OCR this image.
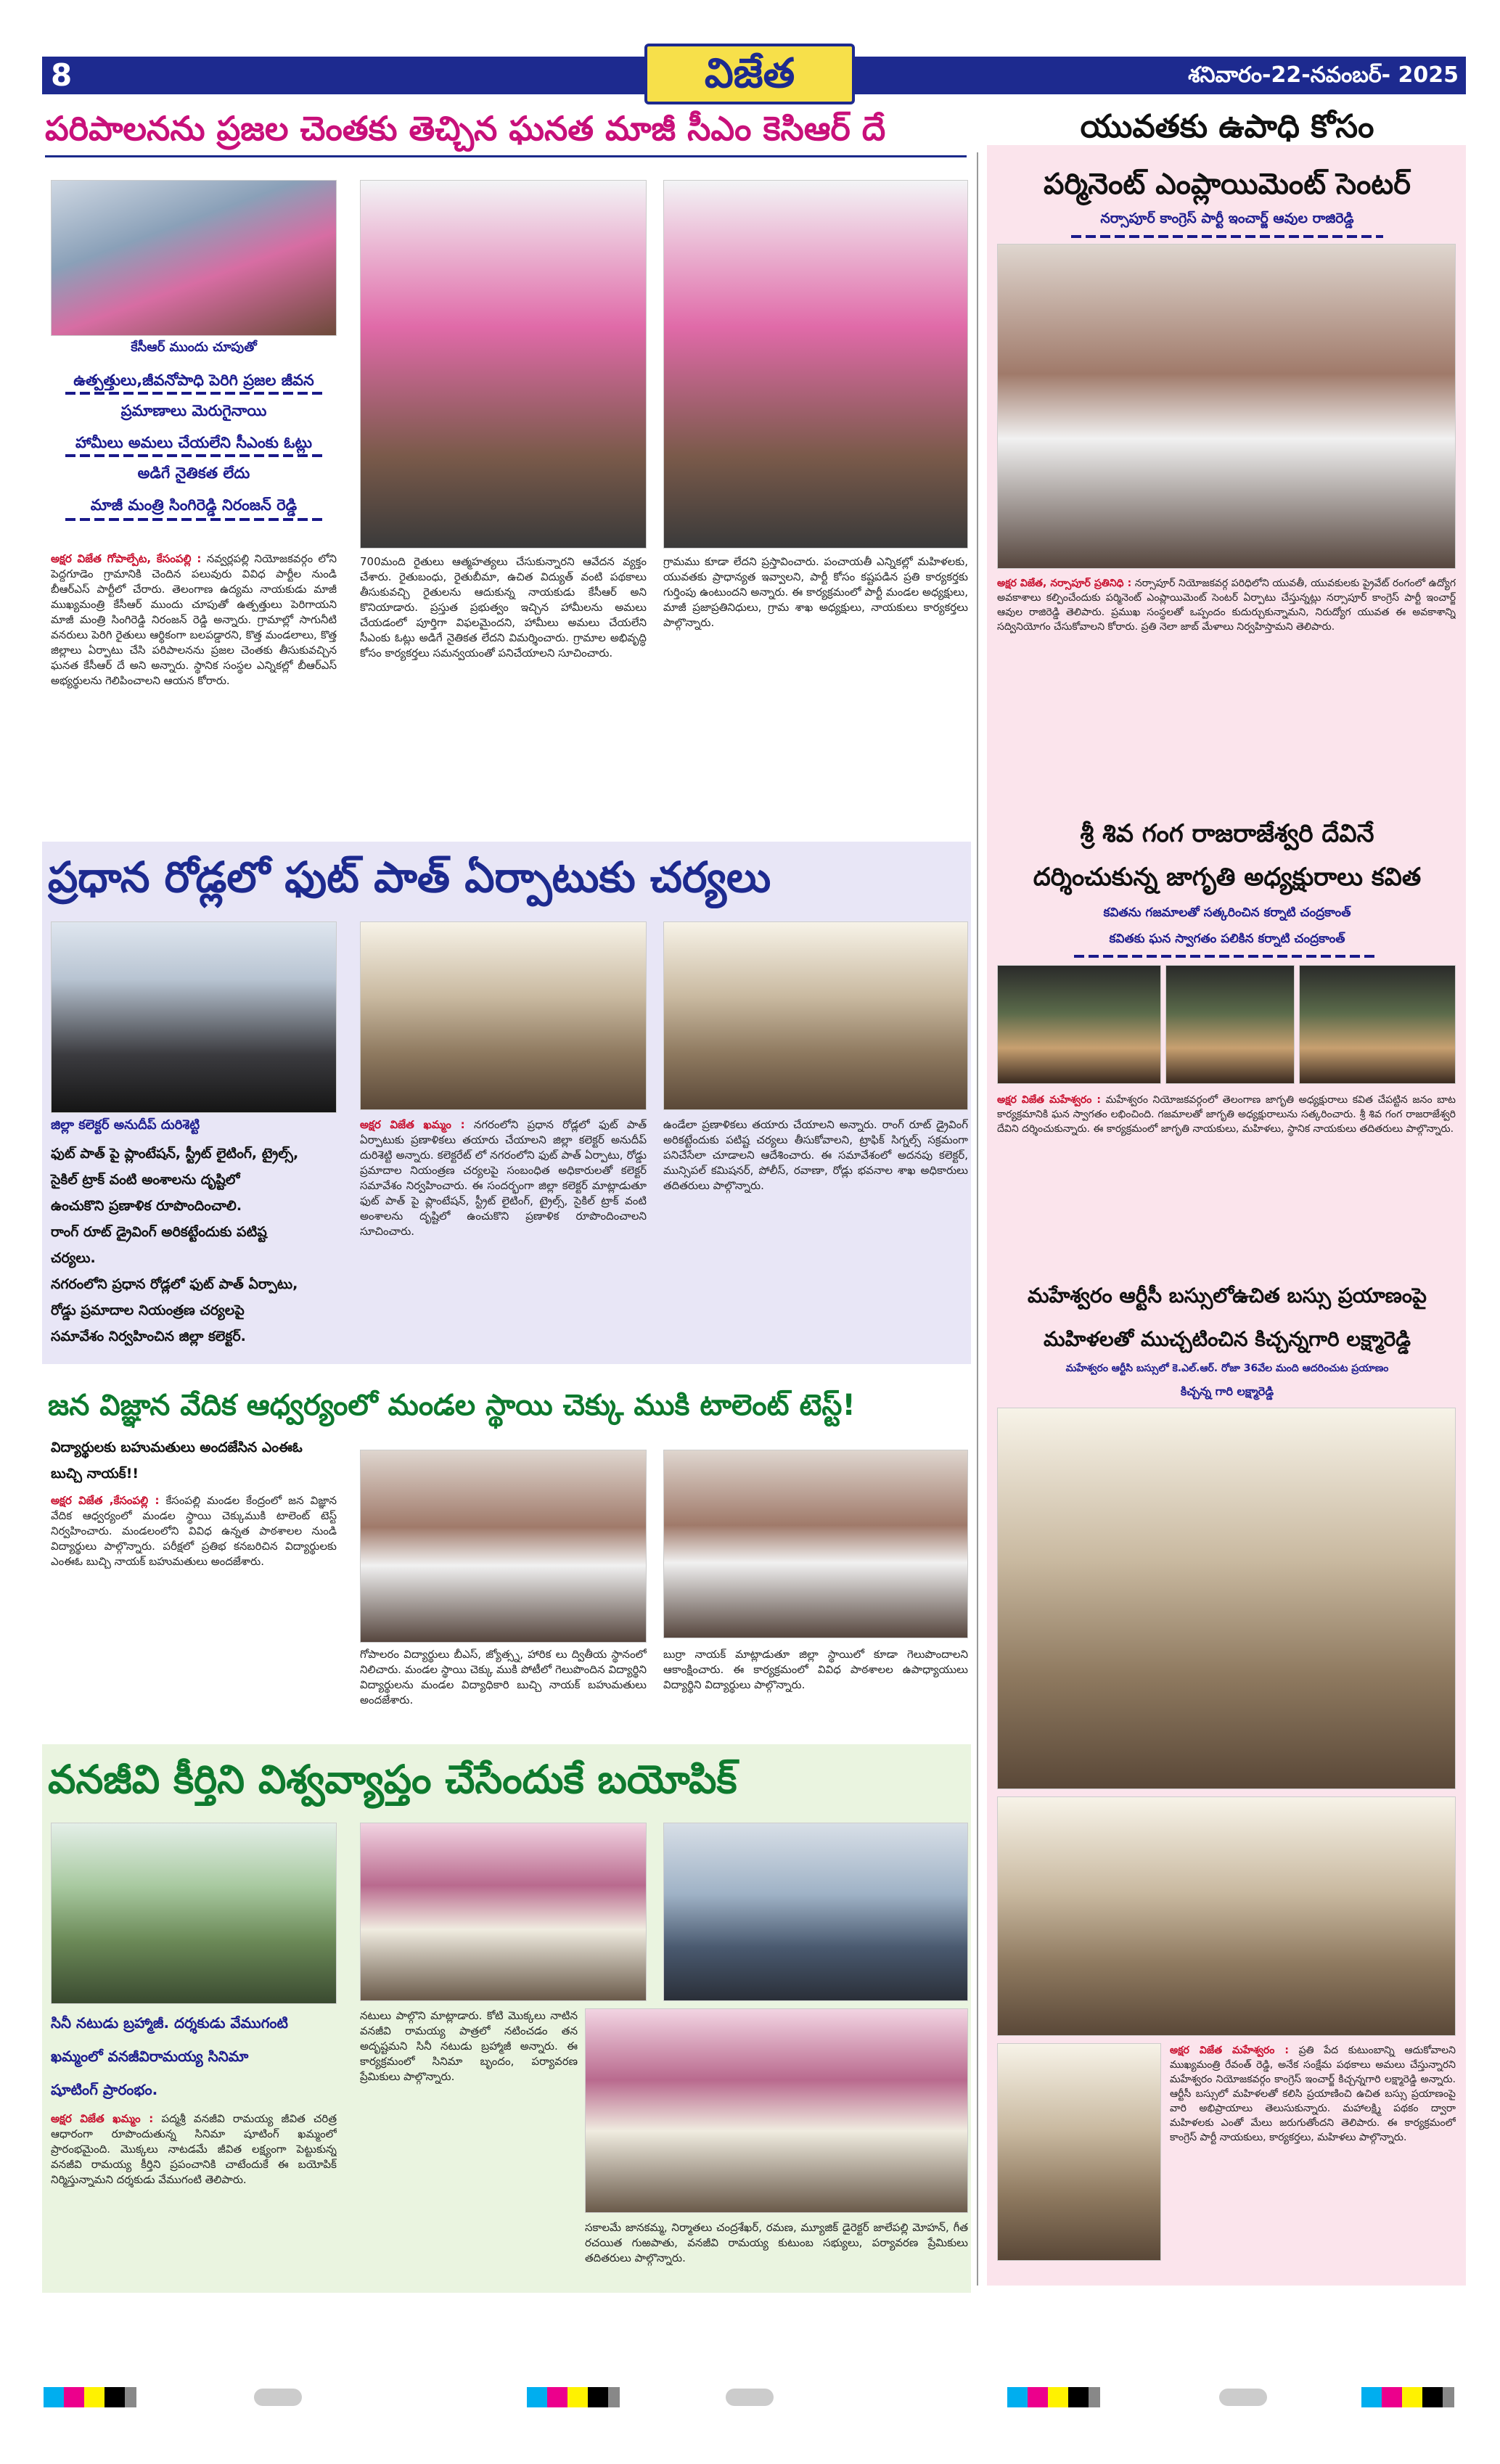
8	విజేత	శనివారం-22-నవంబర్- 2025
పరిపాలనను ప్రజల చెంతకు తెచ్చిన ఘనత మాజీ సీఎం కెసిఆర్ దే
కేసీఆర్ ముందు చూపుతో
ఉత్పత్తులు,జీవనోపాధి పెరిగి ప్రజల జీవన
ప్రమాణాలు మెరుగైనాయి
హామీలు అమలు చేయలేని సీఎంకు ఓట్లు
అడిగే నైతికత లేదు
మాజీ మంత్రి సింగిరెడ్డి నిరంజన్ రెడ్డి
అక్షర విజేత గోపాల్పేట, కేసంపల్లి : నవ్వర్లపల్లి నియోజకవర్గం లోని పెద్దగూడెం గ్రామానికి చెందిన పలువురు వివిధ పార్టీల నుండి బీఆర్ఎస్ పార్టీలో చేరారు. తెలంగాణ ఉద్యమ నాయకుడు మాజీ ముఖ్యమంత్రి కేసీఆర్ ముందు చూపుతో ఉత్పత్తులు పెరిగాయని మాజీ మంత్రి సింగిరెడ్డి నిరంజన్ రెడ్డి అన్నారు. గ్రామాల్లో సాగునీటి వనరులు పెరిగి రైతులు ఆర్థికంగా బలపడ్డారని, కొత్త మండలాలు, కొత్త జిల్లాలు ఏర్పాటు చేసి పరిపాలనను ప్రజల చెంతకు తీసుకువచ్చిన ఘనత కేసీఆర్ దే అని అన్నారు. స్థానిక సంస్థల ఎన్నికల్లో బీఆర్ఎస్ అభ్యర్థులను గెలిపించాలని ఆయన కోరారు.
700మంది రైతులు ఆత్మహత్యలు చేసుకున్నారని ఆవేదన వ్యక్తం చేశారు. రైతుబంధు, రైతుబీమా, ఉచిత విద్యుత్ వంటి పథకాలు తీసుకువచ్చి రైతులను ఆదుకున్న నాయకుడు కేసీఆర్ అని కొనియాడారు. ప్రస్తుత ప్రభుత్వం ఇచ్చిన హామీలను అమలు చేయడంలో పూర్తిగా విఫలమైందని, హామీలు అమలు చేయలేని సీఎంకు ఓట్లు అడిగే నైతికత లేదని విమర్శించారు. గ్రామాల అభివృద్ధి కోసం కార్యకర్తలు సమన్వయంతో పనిచేయాలని సూచించారు.
గ్రామము కూడా లేదని ప్రస్తావించారు. పంచాయతీ ఎన్నికల్లో మహిళలకు, యువతకు ప్రాధాన్యత ఇవ్వాలని, పార్టీ కోసం కష్టపడిన ప్రతి కార్యకర్తకు గుర్తింపు ఉంటుందని అన్నారు. ఈ కార్యక్రమంలో పార్టీ మండల అధ్యక్షులు, మాజీ ప్రజాప్రతినిధులు, గ్రామ శాఖ అధ్యక్షులు, నాయకులు కార్యకర్తలు పాల్గొన్నారు.
ప్రధాన రోడ్లలో ఫుట్ పాత్ ఏర్పాటుకు చర్యలు
జిల్లా కలెక్టర్ అనుదీప్ దురిశెట్టి
ఫుట్ పాత్ పై ప్లాంటేషన్, స్ట్రీట్ లైటింగ్, ట్రైల్స్,
సైకిల్ ట్రాక్ వంటి అంశాలను దృష్టిలో
ఉంచుకొని ప్రణాళిక రూపొందించాలి.
రాంగ్ రూట్ డ్రైవింగ్ అరికట్టేందుకు పటిష్ట
చర్యలు.
నగరంలోని ప్రధాన రోడ్లలో ఫుట్ పాత్ ఏర్పాటు,
రోడ్డు ప్రమాదాల నియంత్రణ చర్యలపై
సమావేశం నిర్వహించిన జిల్లా కలెక్టర్.
అక్షర విజేత ఖమ్మం : నగరంలోని ప్రధాన రోడ్లలో ఫుట్ పాత్ ఏర్పాటుకు ప్రణాళికలు తయారు చేయాలని జిల్లా కలెక్టర్ అనుదీప్ దురిశెట్టి అన్నారు. కలెక్టరేట్ లో నగరంలోని ఫుట్ పాత్ ఏర్పాటు, రోడ్డు ప్రమాదాల నియంత్రణ చర్యలపై సంబంధిత అధికారులతో కలెక్టర్ సమావేశం నిర్వహించారు. ఈ సందర్భంగా జిల్లా కలెక్టర్ మాట్లాడుతూ ఫుట్ పాత్ పై ప్లాంటేషన్, స్ట్రీట్ లైటింగ్, ట్రైల్స్, సైకిల్ ట్రాక్ వంటి అంశాలను దృష్టిలో ఉంచుకొని ప్రణాళిక రూపొందించాలని సూచించారు.
ఉండేలా ప్రణాళికలు తయారు చేయాలని అన్నారు. రాంగ్ రూట్ డ్రైవింగ్ అరికట్టేందుకు పటిష్ట చర్యలు తీసుకోవాలని, ట్రాఫిక్ సిగ్నల్స్ సక్రమంగా పనిచేసేలా చూడాలని ఆదేశించారు. ఈ సమావేశంలో అదనపు కలెక్టర్, మున్సిపల్ కమిషనర్, పోలీస్, రవాణా, రోడ్లు భవనాల శాఖ అధికారులు తదితరులు పాల్గొన్నారు.
జన విజ్ఞాన వేదిక ఆధ్వర్యంలో మండల స్థాయి చెక్కు ముకి టాలెంట్ టెస్ట్!
విద్యార్థులకు బహుమతులు అందజేసిన ఎంఈఓ
బుచ్చి నాయక్!!
అక్షర విజేత ,కేసంపల్లి : కేసంపల్లి మండల కేంద్రంలో జన విజ్ఞాన వేదిక ఆధ్వర్యంలో మండల స్థాయి చెక్కుముకి టాలెంట్ టెస్ట్ నిర్వహించారు. మండలంలోని వివిధ ఉన్నత పాఠశాలల నుండి విద్యార్థులు పాల్గొన్నారు. పరీక్షలో ప్రతిభ కనబరిచిన విద్యార్థులకు ఎంఈఓ బుచ్చి నాయక్ బహుమతులు అందజేశారు.
గోపాలరం విద్యార్థులు బీఎస్, జ్యోత్స్న, హారిక లు ద్వితీయ స్థానంలో నిలిచారు. మండల స్థాయి చెక్కు ముకి పోటీలో గెలుపొందిన విద్యార్థిని విద్యార్థులను మండల విద్యాధికారి బుచ్చి నాయక్ బహుమతులు అందజేశారు.
బుర్రా నాయక్ మాట్లాడుతూ జిల్లా స్థాయిలో కూడా గెలుపొందాలని ఆకాంక్షించారు. ఈ కార్యక్రమంలో వివిధ పాఠశాలల ఉపాధ్యాయులు విద్యార్థిని విద్యార్థులు పాల్గొన్నారు.
వనజీవి కీర్తిని విశ్వవ్యాప్తం చేసేందుకే బయోపిక్
సినీ నటుడు బ్రహ్మాజీ. దర్శకుడు వేముగంటి
ఖమ్మంలో వనజీవిరామయ్య సినిమా
షూటింగ్ ప్రారంభం.
అక్షర విజేత ఖమ్మం : పద్మశ్రీ వనజీవి రామయ్య జీవిత చరిత్ర ఆధారంగా రూపొందుతున్న సినిమా షూటింగ్ ఖమ్మంలో ప్రారంభమైంది. మొక్కలు నాటడమే జీవిత లక్ష్యంగా పెట్టుకున్న వనజీవి రామయ్య కీర్తిని ప్రపంచానికి చాటేందుకే ఈ బయోపిక్ నిర్మిస్తున్నామని దర్శకుడు వేముగంటి తెలిపారు.
నటులు పాల్గొని మాట్లాడారు. కోటి మొక్కలు నాటిన వనజీవి రామయ్య పాత్రలో నటించడం తన అదృష్టమని సినీ నటుడు బ్రహ్మాజీ అన్నారు. ఈ కార్యక్రమంలో సినిమా బృందం, పర్యావరణ ప్రేమికులు పాల్గొన్నారు.
సకాలమే జానకమ్మ, నిర్మాతలు చంద్రశేఖర్, రమణ, మ్యూజిక్ డైరెక్టర్ జాలేపల్లి మోహన్, గీత రచయిత గుఱపాతు, వనజీవి రామయ్య కుటుంబ సభ్యులు, పర్యావరణ ప్రేమికులు తదితరులు పాల్గొన్నారు.
యువతకు ఉపాధి కోసం
పర్మినెంట్ ఎంప్లాయిమెంట్ సెంటర్
నర్సాపూర్ కాంగ్రెస్ పార్టీ ఇంచార్జ్ ఆవుల రాజిరెడ్డి
అక్షర విజేత, నర్సాపూర్ ప్రతినిధి : నర్సాపూర్ నియోజకవర్గ పరిధిలోని యువతీ, యువకులకు ప్రైవేట్ రంగంలో ఉద్యోగ అవకాశాలు కల్పించేందుకు పర్మినెంట్ ఎంప్లాయిమెంట్ సెంటర్ ఏర్పాటు చేస్తున్నట్లు నర్సాపూర్ కాంగ్రెస్ పార్టీ ఇంచార్జ్ ఆవుల రాజిరెడ్డి తెలిపారు. ప్రముఖ సంస్థలతో ఒప్పందం కుదుర్చుకున్నామని, నిరుద్యోగ యువత ఈ అవకాశాన్ని సద్వినియోగం చేసుకోవాలని కోరారు. ప్రతి నెలా జాబ్ మేళాలు నిర్వహిస్తామని తెలిపారు.
శ్రీ శివ గంగ రాజరాజేశ్వరి దేవినే
దర్శించుకున్న జాగృతి అధ్యక్షురాలు కవిత
కవితను గజమాలతో సత్కరించిన కర్నాటి చంద్రకాంత్
కవితకు ఘన స్వాగతం పలికిన కర్నాటి చంద్రకాంత్
అక్షర విజేత మహేశ్వరం : మహేశ్వరం నియోజకవర్గంలో తెలంగాణ జాగృతి అధ్యక్షురాలు కవిత చేపట్టిన జనం బాట కార్యక్రమానికి ఘన స్వాగతం లభించింది. గజమాలతో జాగృతి అధ్యక్షురాలును సత్కరించారు. శ్రీ శివ గంగ రాజరాజేశ్వరి దేవిని దర్శించుకున్నారు. ఈ కార్యక్రమంలో జాగృతి నాయకులు, మహిళలు, స్థానిక నాయకులు తదితరులు పాల్గొన్నారు.
మహేశ్వరం ఆర్టీసీ బస్సులోఉచిత బస్సు ప్రయాణంపై
మహిళలతో ముచ్చటించిన కిచ్చన్నగారి లక్ష్మారెడ్డి
మహేశ్వరం ఆర్టీసి బస్సులో కె.ఎల్.ఆర్. రోజా 36వేల మంది ఆదరించుట ప్రయాణం
కిచ్చన్న గారి లక్ష్మారెడ్డి
అక్షర విజేత మహేశ్వరం : ప్రతి పేద కుటుంబాన్ని ఆదుకోవాలని ముఖ్యమంత్రి రేవంత్ రెడ్డి, అనేక సంక్షేమ పథకాలు అమలు చేస్తున్నారని మహేశ్వరం నియోజకవర్గం కాంగ్రెస్ ఇంచార్జ్ కిచ్చన్నగారి లక్ష్మారెడ్డి అన్నారు. ఆర్టీసీ బస్సులో మహిళలతో కలిసి ప్రయాణించి ఉచిత బస్సు ప్రయాణంపై వారి అభిప్రాయాలు తెలుసుకున్నారు. మహాలక్ష్మి పథకం ద్వారా మహిళలకు ఎంతో మేలు జరుగుతోందని తెలిపారు. ఈ కార్యక్రమంలో కాంగ్రెస్ పార్టీ నాయకులు, కార్యకర్తలు, మహిళలు పాల్గొన్నారు.
